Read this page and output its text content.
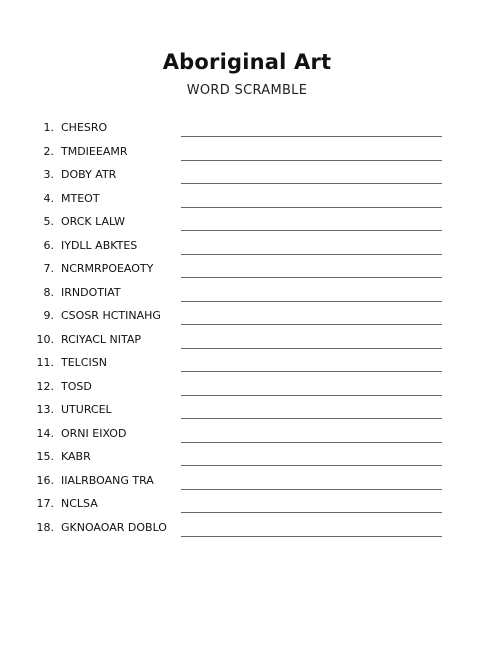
Aboriginal Art
WORD SCRAMBLE
1. CHESRO
2. TMDIEEAMR
3. DOBY ATR
4. MTEOT
5. ORCK LALW
6. IYDLL ABKTES
7. NCRMRPOEAOTY
8. IRNDOTIAT
9. CSOSR HCTINAHG
10. RCIYACL NITAP
11. TELCISN
12. TOSD
13. UTURCEL
14. ORNI EIXOD
15. KABR
16. IIALRBOANG TRA
17. NCLSA
18. GKNOAOAR DOBLO
